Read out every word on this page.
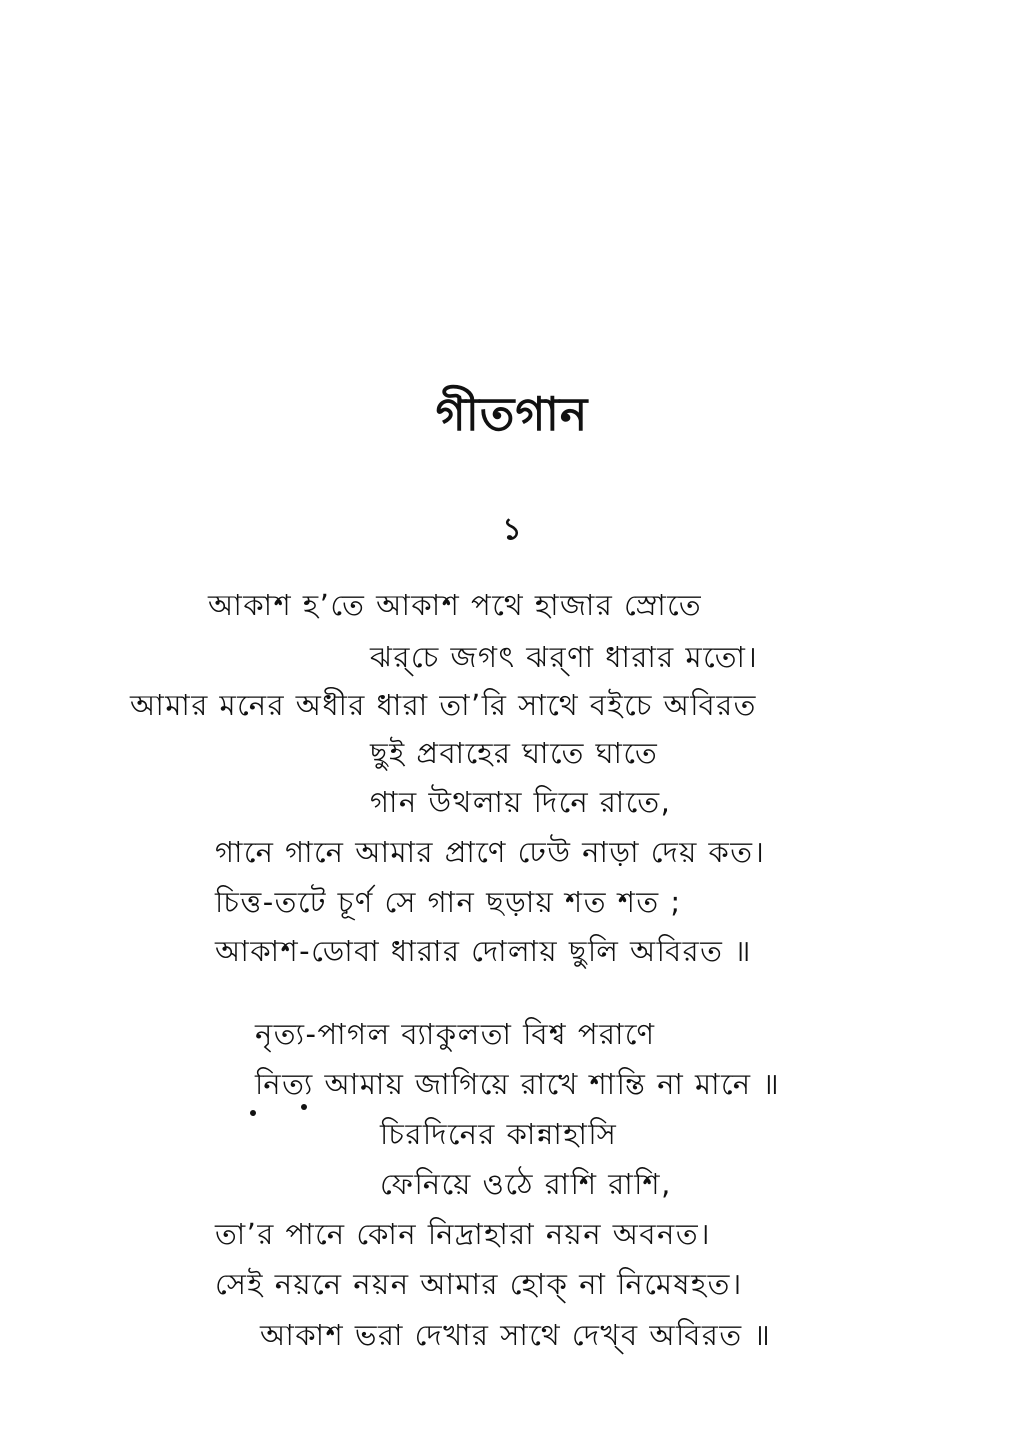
গীতগান
১
আকাশ হ’তে আকাশ পথে হাজার স্রোতে
ঝর্‌চে জগৎ ঝর্‌ণা ধারার মতো।
আমার মনের অধীর ধারা তা’রি সাথে বইচে অবিরত
ছুই প্রবাহের ঘাতে ঘাতে
গান উথলায় দিনে রাতে,
গানে গানে আমার প্রাণে ঢেউ নাড়া দেয় কত।
চিত্ত-তটে চূর্ণ সে গান ছড়ায় শত শত ;
আকাশ-ডোবা ধারার দোলায় ছুলি অবিরত ॥
নৃত্য-পাগল ব্যাকুলতা বিশ্ব পরাণে
নিত্য আমায় জাগিয়ে রাখে শান্তি না মানে ॥
চিরদিনের কান্নাহাসি
ফেনিয়ে ওঠে রাশি রাশি,
তা’র পানে কোন নিদ্রাহারা নয়ন অবনত।
সেই নয়নে নয়ন আমার হোক্‌ না নিমেষহত।
আকাশ ভরা দেখার সাথে দেখ্‌ব অবিরত ॥
